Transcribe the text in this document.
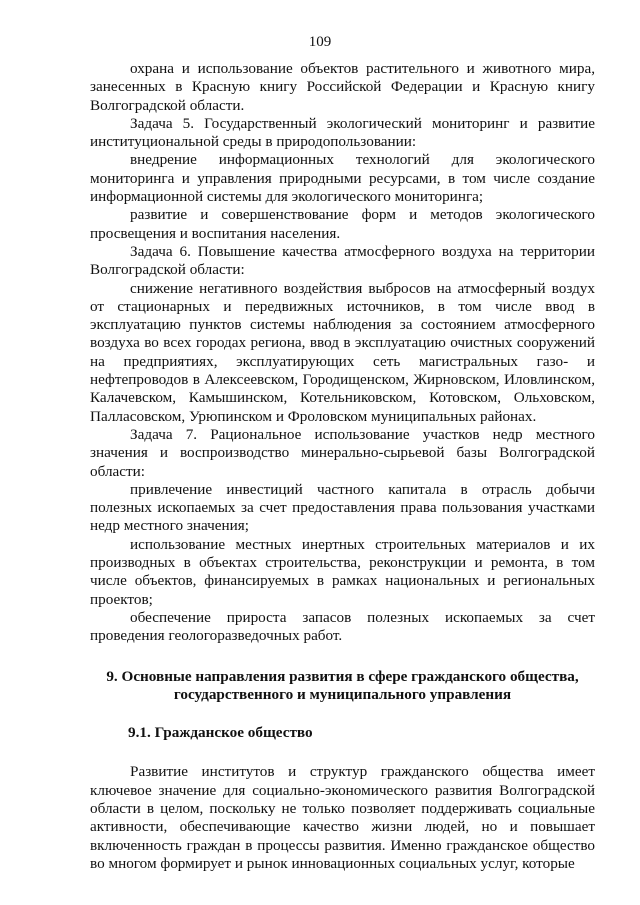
109

охрана и использование объектов растительного и животного мира, занесенных в Красную книгу Российской Федерации и Красную книгу Волгоградской области.

Задача 5. Государственный экологический мониторинг и развитие институциональной среды в природопользовании:

внедрение информационных технологий для экологического мониторинга и управления природными ресурсами, в том числе создание информационной системы для экологического мониторинга;

развитие и совершенствование форм и методов экологического просвещения и воспитания населения.

Задача 6. Повышение качества атмосферного воздуха на территории Волгоградской области:

снижение негативного воздействия выбросов на атмосферный воздух от стационарных и передвижных источников, в том числе ввод в эксплуатацию пунктов системы наблюдения за состоянием атмосферного воздуха во всех городах региона, ввод в эксплуатацию очистных сооружений на предприятиях, эксплуатирующих сеть магистральных газо- и нефтепроводов в Алексеевском, Городищенском, Жирновском, Иловлинском, Калачевском, Камышинском, Котельниковском, Котовском, Ольховском, Палласовском, Урюпинском и Фроловском муниципальных районах.

Задача 7. Рациональное использование участков недр местного значения и воспроизводство минерально-сырьевой базы Волгоградской области:

привлечение инвестиций частного капитала в отрасль добычи полезных ископаемых за счет предоставления права пользования участками недр местного значения;

использование местных инертных строительных материалов и их производных в объектах строительства, реконструкции и ремонта, в том числе объектов, финансируемых в рамках национальных и региональных проектов;

обеспечение прироста запасов полезных ископаемых за счет проведения геологоразведочных работ.

9. Основные направления развития в сфере гражданского общества, государственного и муниципального управления
9.1. Гражданское общество

Развитие институтов и структур гражданского общества имеет ключевое значение для социально-экономического развития Волгоградской области в целом, поскольку не только позволяет поддерживать социальные активности, обеспечивающие качество жизни людей, но и повышает включенность граждан в процессы развития. Именно гражданское общество во многом формирует и рынок инновационных социальных услуг, которые
